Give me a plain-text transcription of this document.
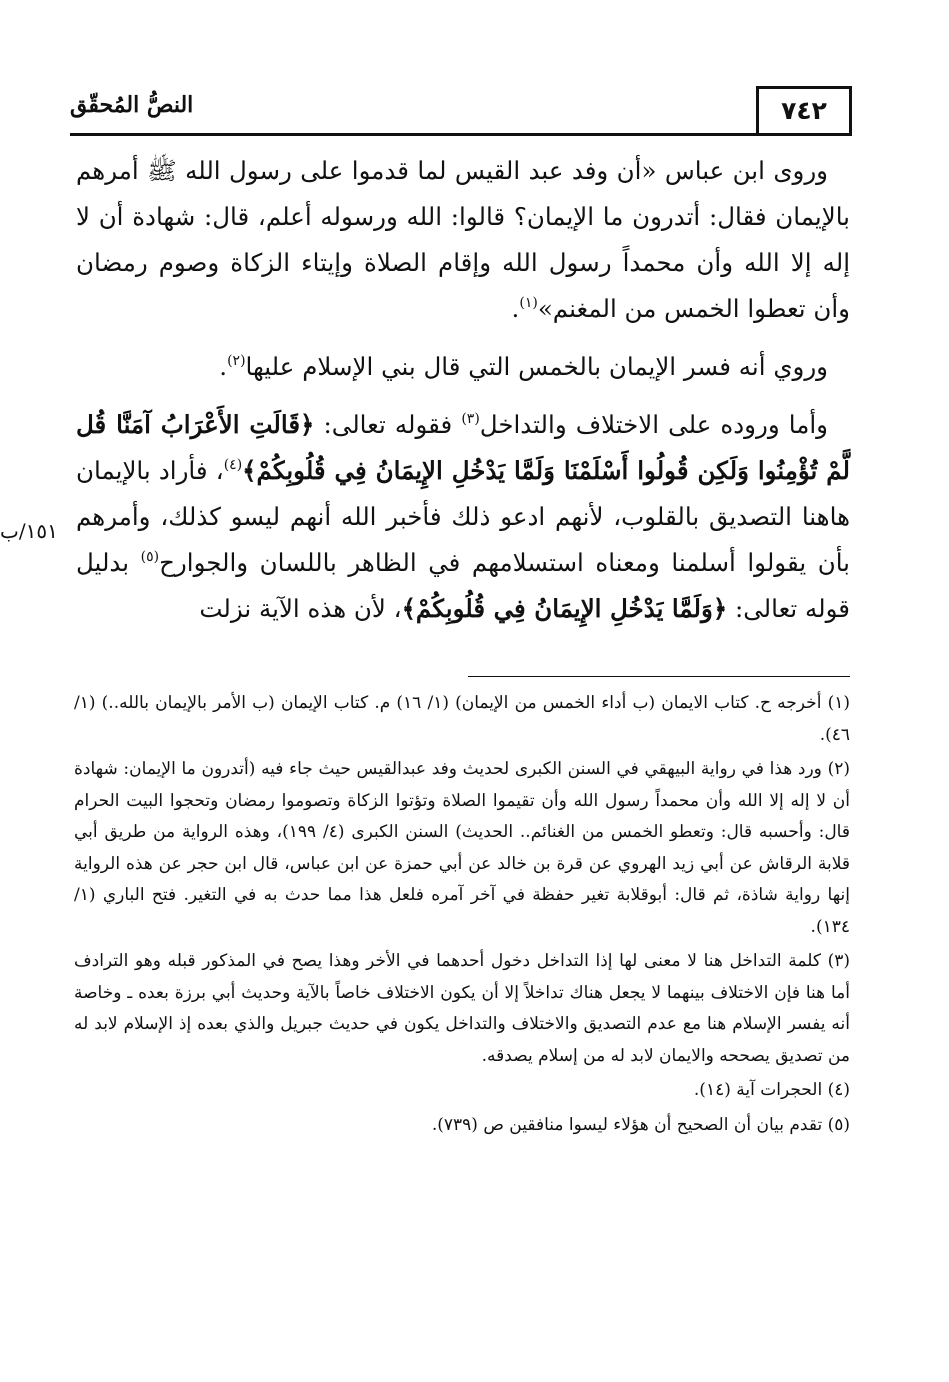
٧٤٢
النصُّ المُحقّق

وروى ابن عباس «أن وفد عبد القيس لما قدموا على رسول الله ﷺ أمرهم بالإيمان فقال: أتدرون ما الإيمان؟ قالوا: الله ورسوله أعلم، قال: شهادة أن لا إله إلا الله وأن محمداً رسول الله وإقام الصلاة وإيتاء الزكاة وصوم رمضان وأن تعطوا الخمس من المغنم»$^{(١)}$.

وروي أنه فسر الإيمان بالخمس التي قال بني الإسلام عليها$^{(٢)}$.

وأما وروده على الاختلاف والتداخل$^{(٣)}$ فقوله تعالى: ﴿قَالَتِ الأَعْرَابُ آمَنَّا قُل لَّمْ تُؤْمِنُوا وَلَكِن قُولُوا أَسْلَمْنَا وَلَمَّا يَدْخُلِ الإِيمَانُ فِي قُلُوبِكُمْ﴾$^{(٤)}$، فأراد بالإيمان هاهنا التصديق بالقلوب، لأنهم ادعو ذلك فأخبر الله أنهم ليسو كذلك، وأمرهم بأن يقولوا أسلمنا ومعناه استسلامهم في الظاهر باللسان والجوارح$^{(٥)}$ بدليل قوله تعالى: ﴿وَلَمَّا يَدْخُلِ الإِيمَانُ فِي قُلُوبِكُمْ﴾، لأن هذه الآية نزلت

١٥١/ب

(١) أخرجه ح. كتاب الايمان (ب أداء الخمس من الإيمان) (١/ ١٦) م. كتاب الإيمان (ب الأمر بالإيمان بالله..) (١/ ٤٦).

(٢) ورد هذا في رواية البيهقي في السنن الكبرى لحديث وفد عبدالقيس حيث جاء فيه (أتدرون ما الإيمان: شهادة أن لا إله إلا الله وأن محمداً رسول الله وأن تقيموا الصلاة وتؤتوا الزكاة وتصوموا رمضان وتحجوا البيت الحرام قال: وأحسبه قال: وتعطو الخمس من الغنائم.. الحديث) السنن الكبرى (٤/ ١٩٩)، وهذه الرواية من طريق أبي قلابة الرقاش عن أبي زيد الهروي عن قرة بن خالد عن أبي حمزة عن ابن عباس، قال ابن حجر عن هذه الرواية إنها رواية شاذة، ثم قال: أبوقلابة تغير حفظة في آخر آمره فلعل هذا مما حدث به في التغير. فتح الباري (١/ ١٣٤).

(٣) كلمة التداخل هنا لا معنى لها إذا التداخل دخول أحدهما في الأخر وهذا يصح في المذكور قبله وهو الترادف أما هنا فإن الاختلاف بينهما لا يجعل هناك تداخلاً إلا أن يكون الاختلاف خاصاً بالآية وحديث أبي برزة بعده ـ وخاصة أنه يفسر الإسلام هنا مع عدم التصديق والاختلاف والتداخل يكون في حديث جبريل والذي بعده إذ الإسلام لابد له من تصديق يصححه والايمان لابد له من إسلام يصدقه.

(٤) الحجرات آية (١٤).

(٥) تقدم بيان أن الصحيح أن هؤلاء ليسوا منافقين ص (٧٣٩).
